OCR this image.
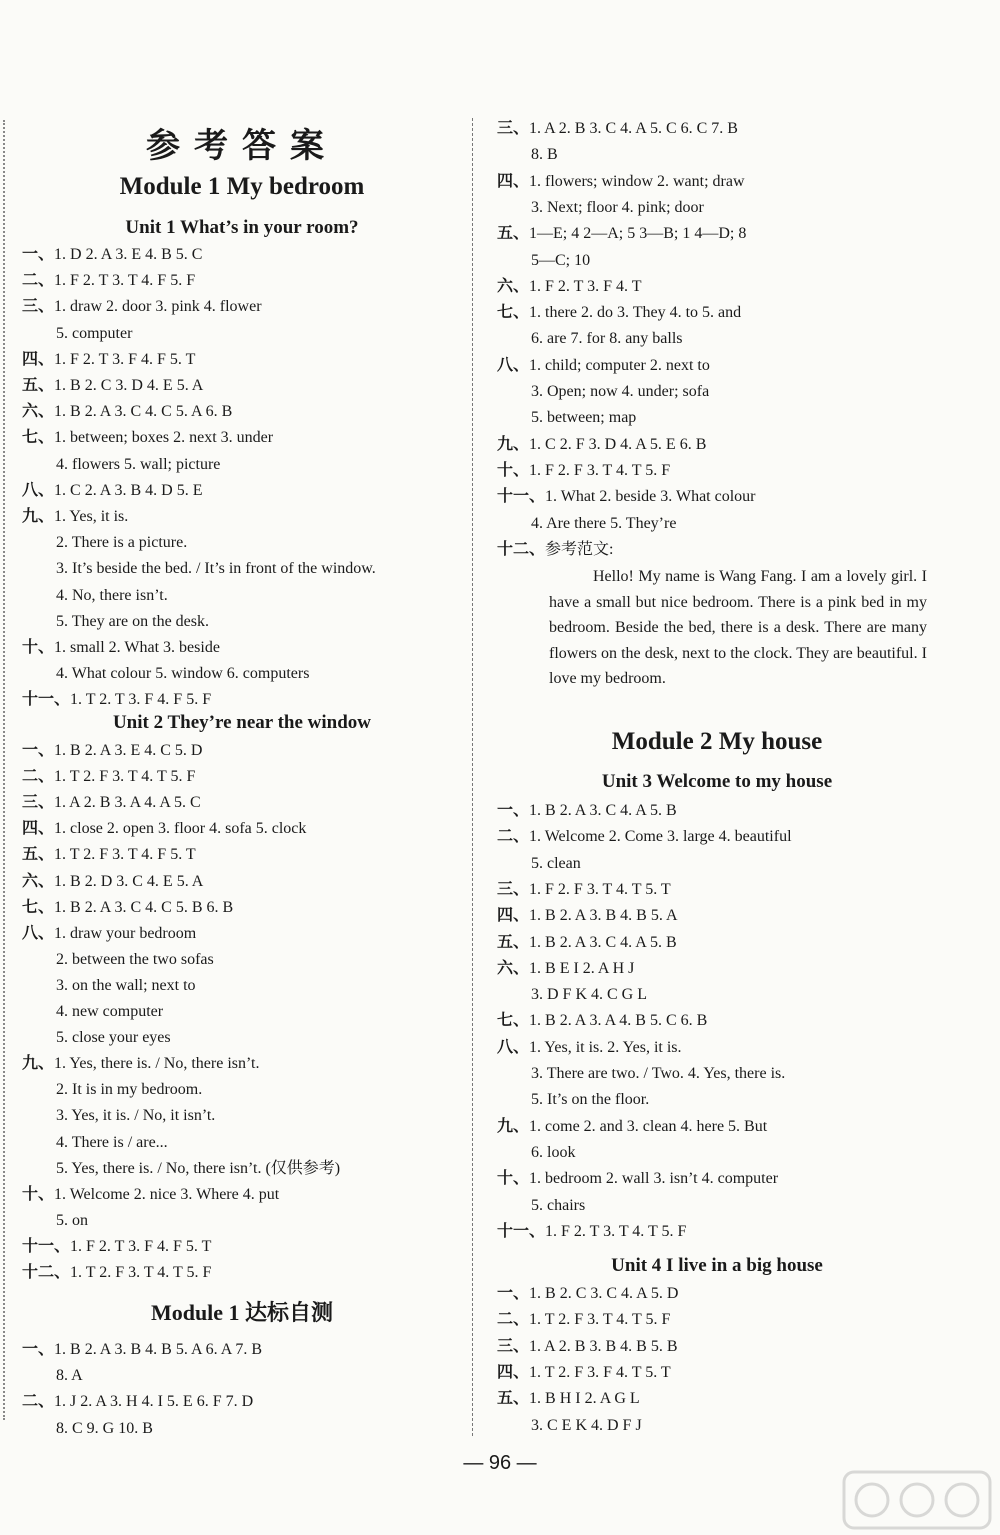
参考答案
Module 1 My bedroom
Unit 1 What’s in your room?
一、1. D 2. A 3. E 4. B 5. C
二、1. F 2. T 3. T 4. F 5. F
三、1. draw 2. door 3. pink 4. flower
5. computer
四、1. F 2. T 3. F 4. F 5. T
五、1. B 2. C 3. D 4. E 5. A
六、1. B 2. A 3. C 4. C 5. A 6. B
七、1. between; boxes 2. next 3. under
4. flowers 5. wall; picture
八、1. C 2. A 3. B 4. D 5. E
九、1. Yes, it is.
2. There is a picture.
3. It’s beside the bed. / It’s in front of the window.
4. No, there isn’t.
5. They are on the desk.
十、1. small 2. What 3. beside
4. What colour 5. window 6. computers
十一、1. T 2. T 3. F 4. F 5. F
Unit 2 They’re near the window
一、1. B 2. A 3. E 4. C 5. D
二、1. T 2. F 3. T 4. T 5. F
三、1. A 2. B 3. A 4. A 5. C
四、1. close 2. open 3. floor 4. sofa 5. clock
五、1. T 2. F 3. T 4. F 5. T
六、1. B 2. D 3. C 4. E 5. A
七、1. B 2. A 3. C 4. C 5. B 6. B
八、1. draw your bedroom
2. between the two sofas
3. on the wall; next to
4. new computer
5. close your eyes
九、1. Yes, there is. / No, there isn’t.
2. It is in my bedroom.
3. Yes, it is. / No, it isn’t.
4. There is / are...
5. Yes, there is. / No, there isn’t. (仅供参考)
十、1. Welcome 2. nice 3. Where 4. put
5. on
十一、1. F 2. T 3. F 4. F 5. T
十二、1. T 2. F 3. T 4. T 5. F
Module 1 达标自测
一、1. B 2. A 3. B 4. B 5. A 6. A 7. B
8. A
二、1. J 2. A 3. H 4. I 5. E 6. F 7. D
8. C 9. G 10. B
三、1. A 2. B 3. C 4. A 5. C 6. C 7. B
8. B
四、1. flowers; window 2. want; draw
3. Next; floor 4. pink; door
五、1—E; 4 2—A; 5 3—B; 1 4—D; 8
5—C; 10
六、1. F 2. T 3. F 4. T
七、1. there 2. do 3. They 4. to 5. and
6. are 7. for 8. any balls
八、1. child; computer 2. next to
3. Open; now 4. under; sofa
5. between; map
九、1. C 2. F 3. D 4. A 5. E 6. B
十、1. F 2. F 3. T 4. T 5. F
十一、1. What 2. beside 3. What colour
4. Are there 5. They’re
十二、参考范文:
Hello! My name is Wang Fang. I am a lovely girl. I have a small but nice bedroom. There is a pink bed in my bedroom. Beside the bed, there is a desk. There are many flowers on the desk, next to the clock. They are beautiful. I love my bedroom.
Module 2 My house
Unit 3 Welcome to my house
一、1. B 2. A 3. C 4. A 5. B
二、1. Welcome 2. Come 3. large 4. beautiful
5. clean
三、1. F 2. F 3. T 4. T 5. T
四、1. B 2. A 3. B 4. B 5. A
五、1. B 2. A 3. C 4. A 5. B
六、1. B E I 2. A H J
3. D F K 4. C G L
七、1. B 2. A 3. A 4. B 5. C 6. B
八、1. Yes, it is. 2. Yes, it is.
3. There are two. / Two. 4. Yes, there is.
5. It’s on the floor.
九、1. come 2. and 3. clean 4. here 5. But
6. look
十、1. bedroom 2. wall 3. isn’t 4. computer
5. chairs
十一、1. F 2. T 3. T 4. T 5. F
Unit 4 I live in a big house
一、1. B 2. C 3. C 4. A 5. D
二、1. T 2. F 3. T 4. T 5. F
三、1. A 2. B 3. B 4. B 5. B
四、1. T 2. F 3. F 4. T 5. T
五、1. B H I 2. A G L
3. C E K 4. D F J
— 96 —
